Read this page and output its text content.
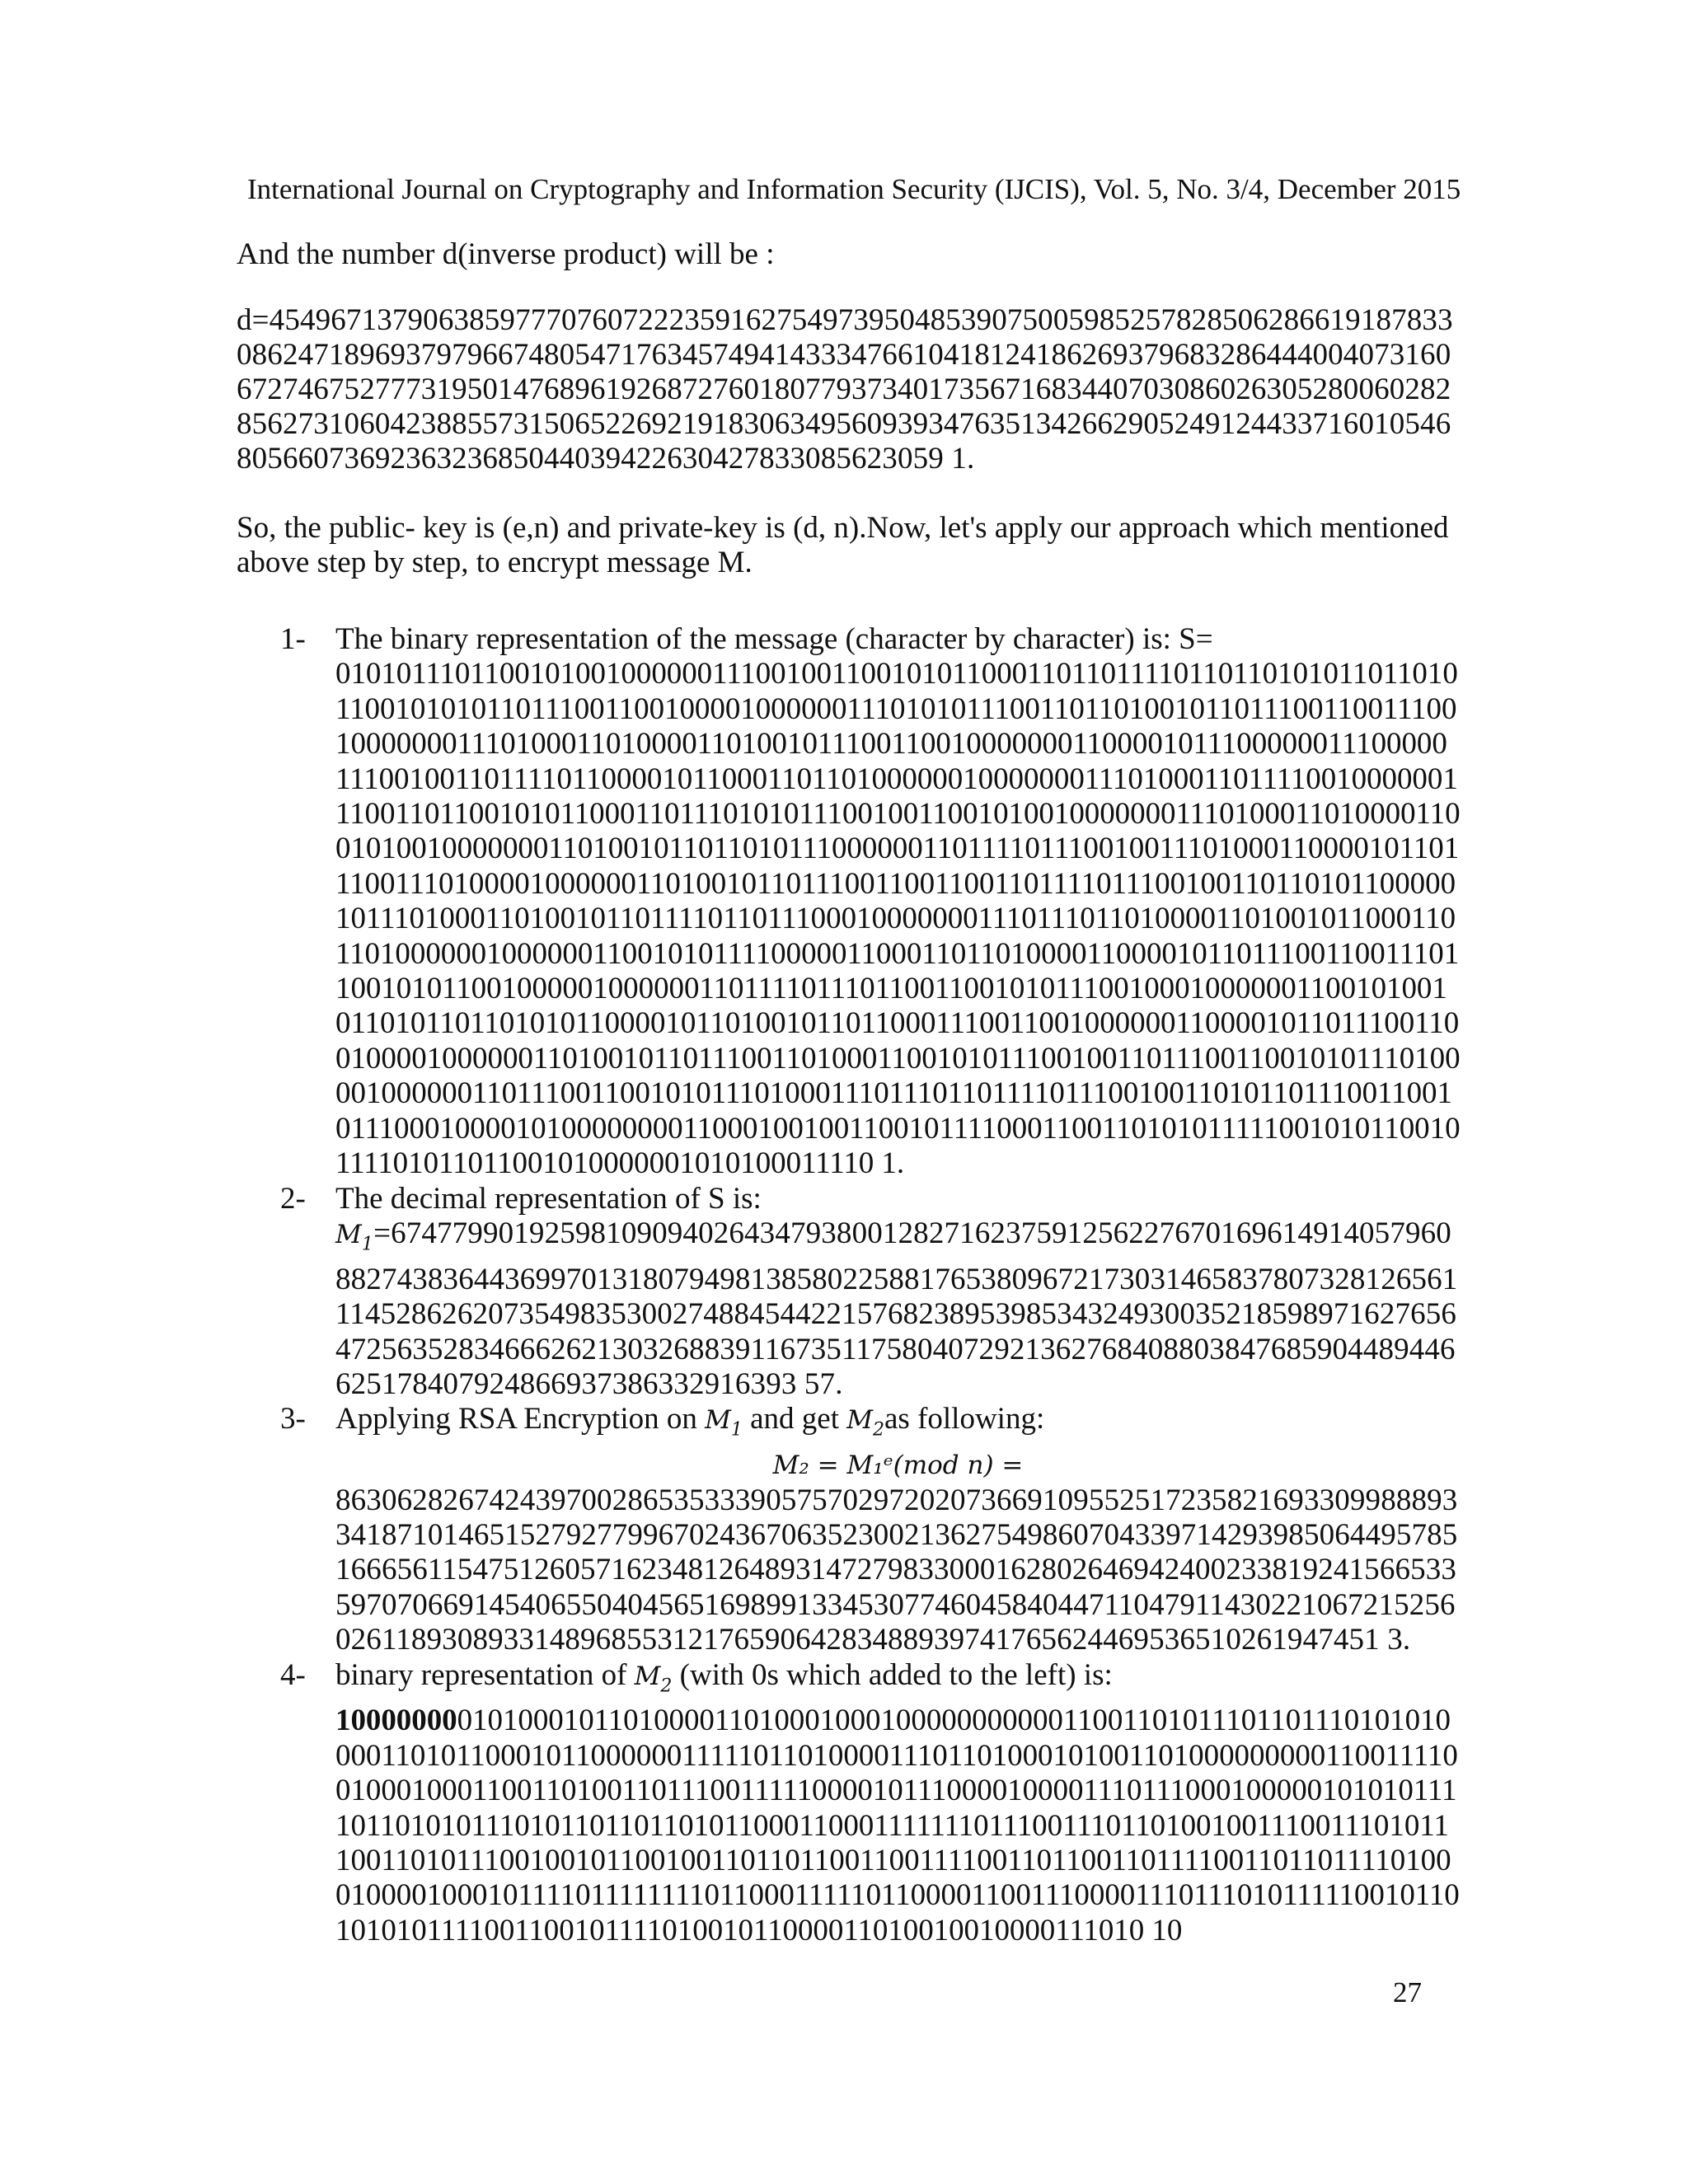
International Journal on Cryptography and Information Security (IJCIS), Vol. 5, No. 3/4, December 2015
And the number d(inverse product) will be :
d=454967137906385977707607222359162754973950485390750059852578285062866191878330862471896937979667480547176345749414333476610418124186269379683286444004073160672746752777319501476896192687276018077937340173567168344070308602630528006028285627310604238855731506522692191830634956093934763513426629052491244337160105468056607369236323685044039422630427833085623059 1.
So, the public- key is (e,n) and private-key is (d, n).Now, let's apply our approach which mentioned above step by step, to encrypt message M.
1- The binary representation of the message (character by character) is: S=
0101011101100101001000000111001001100101011000110110111101101101010110110101100101010110111001100100001000000111010101110011011010010110111001100111001000000011101000110100001101001011100110010000000110000101110000001110000011100100110111101100001011000110110100000010000000111010001101111001000000111001101100101011000110111010101110010011001010010000000111010001101000011001010010000000110100101101101011100000011011110111001001110100011000010110111001110100001000000110100101101110011001100110111101110010011011010110000010111010001101001011011110110111000100000001110111011010000110100101100011011010000001000000110010101111000001100011011010000110000101101110011001110110010101100100000100000011011110111011001100101011100100010000001100101001011010110110101011000010110100101101100011100110010000001100001011011100110010000100000011010010110111001101000110010101110010011011100110010101110100001000000110111001100101011101000111011101101111011100100110101101110011001011100010000101000000001100010010011001011110001100110101011111001010110010111101011011001010000001010100011110 1.
2- The decimal representation of S is:
$M_1=674779901925981090940264347938001282716237591256227670169614914057960882743836443699701318079498138580225881765380967$217303146583780732812656111452862620735498353002748845442215768238953985343249300352185989716276564725635283466626213032688391167351175804072921362768408803847685904489446625178407924866937386332916393 57.
3- Applying RSA Encryption on $M_1$ and get $M_2as$ following:
M₂ = M₁ᵉ(mod n) =
863062826742439700286535333905757029720207366910955251723582169330998889334187101465152792779967024367063523002136275498607043397142939850644957851666561154751260571623481264893147279833000162802646942400233819241566533597070669145406550404565169899133453077460458404471104791143022106721525602611893089331489685531217659064283488939741765624469536510261947451 3.
4- binary representation of $M_2$ (with 0s which added to the left) is:
100000000101000101101000011010001000100000000000110011010111011011101010100001101011000101100000011111011010000111011010001010011010000000001100111100100010001100110100110111001111100001011100001000011101110001000001010101111011010101110101101101101011000110001111111011100111011010010011100111010111001101011100100101100100110110110011001111001101100110111100110110111101000100001000101111011111111011000111110110000110011100001110111010111110010110101010111100110010111101001011000011010010010000111010 10
27
